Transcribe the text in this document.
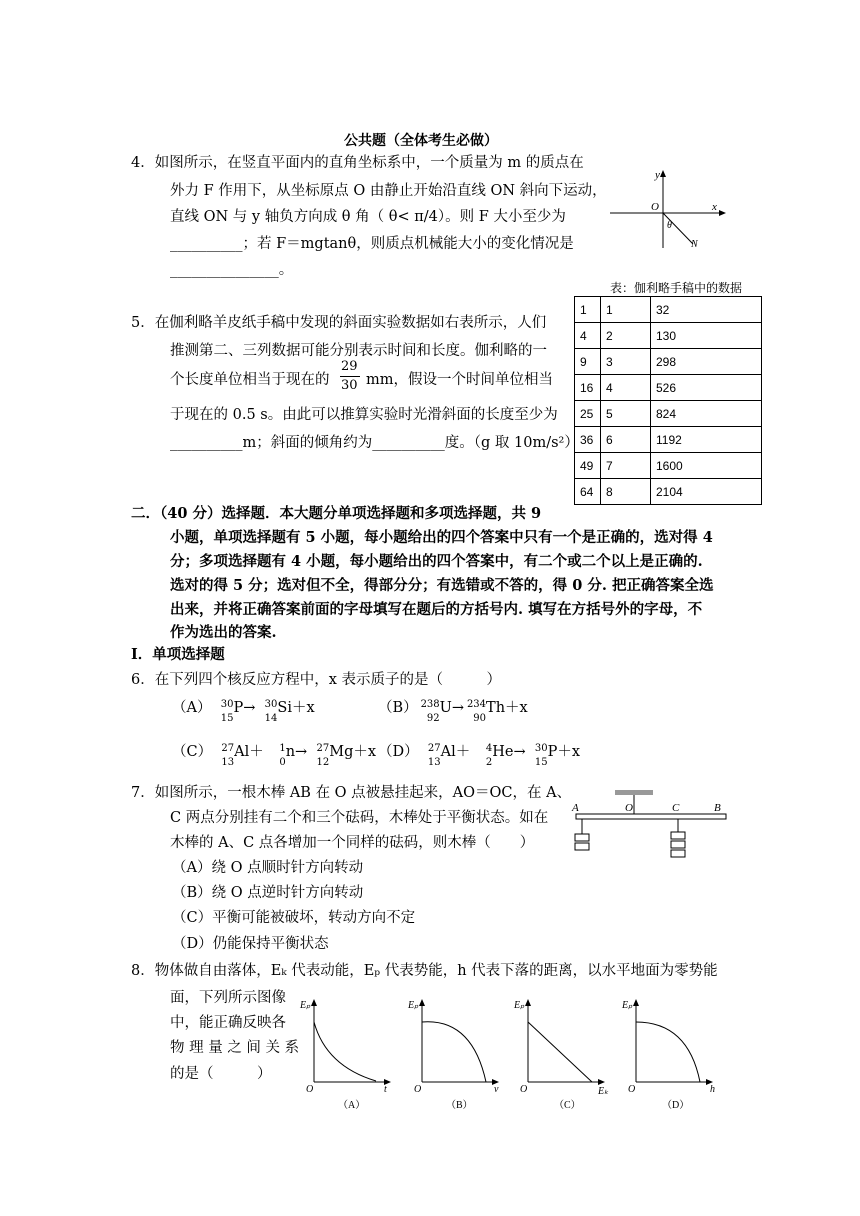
公共题（全体考生必做）
4．如图所示，在竖直平面内的直角坐标系中，一个质量为 m 的质点在
外力 F 作用下，从坐标原点 O 由静止开始沿直线 ON 斜向下运动，
直线 ON 与 y 轴负方向成 θ 角（ θ< π/4）。则 F 大小至少为
__________；若 F＝mgtanθ，则质点机械能大小的变化情况是
_______________。
y
x
O
θ
N
5．在伽利略羊皮纸手稿中发现的斜面实验数据如右表所示，人们
推测第二、三列数据可能分别表示时间和长度。伽利略的一
个长度单位相当于现在的
29
30 mm，假设一个时间单位相当
于现在的 0.5 s。由此可以推算实验时光滑斜面的长度至少为
__________m；斜面的倾角约为__________度。（g 取 10m/s²）
表：伽利略手稿中的数据
1	1	32
4	2	130
9	3	298
16	4	526
25	5	824
36	6	1192
49	7	1600
64	8	2104
二．（40 分）选择题．本大题分单项选择题和多项选择题，共 9
小题，单项选择题有 5 小题，每小题给出的四个答案中只有一个是正确的，选对得 4
分；多项选择题有 4 小题，每小题给出的四个答案中，有二个或二个以上是正确的.
选对的得 5 分；选对但不全，得部分分；有选错或不答的，得 0 分. 把正确答案全选
出来，并将正确答案前面的字母填写在题后的方括号内. 填写在方括号外的字母，不
作为选出的答案.
I．单项选择题
6．在下列四个核反应方程中，x 表示质子的是（　　　）
（A） 30
15
P→ 30
14
Si＋x	（B） 238
92
U→ 234
90
Th＋x
（C） 27
13
Al＋ 1
0
n→ 27
12
Mg＋x （D） 27
13
Al＋ 4
2
He→ 30
15
P＋x
7．如图所示，一根木棒 AB 在 O 点被悬挂起来，AO＝OC，在 A、
C 两点分别挂有二个和三个砝码，木棒处于平衡状态。如在
木棒的 A、C 点各增加一个同样的砝码，则木棒（　　）
（A）绕 O 点顺时针方向转动
（B）绕 O 点逆时针方向转动
（C）平衡可能被破坏，转动方向不定
（D）仍能保持平衡状态
A	O	C	B
8．物体做自由落体，Eₖ 代表动能，Eₚ 代表势能，h 代表下落的距离，以水平地面为零势能
面，下列所示图像
中，能正确反映各
物 理 量 之 间 关 系
的是（　　　）
Eₚ
O	t
（A）
Eₚ
O	v
（B）
Eₚ
O	Eₖ
（C）
Eₚ
O	h
（D）
